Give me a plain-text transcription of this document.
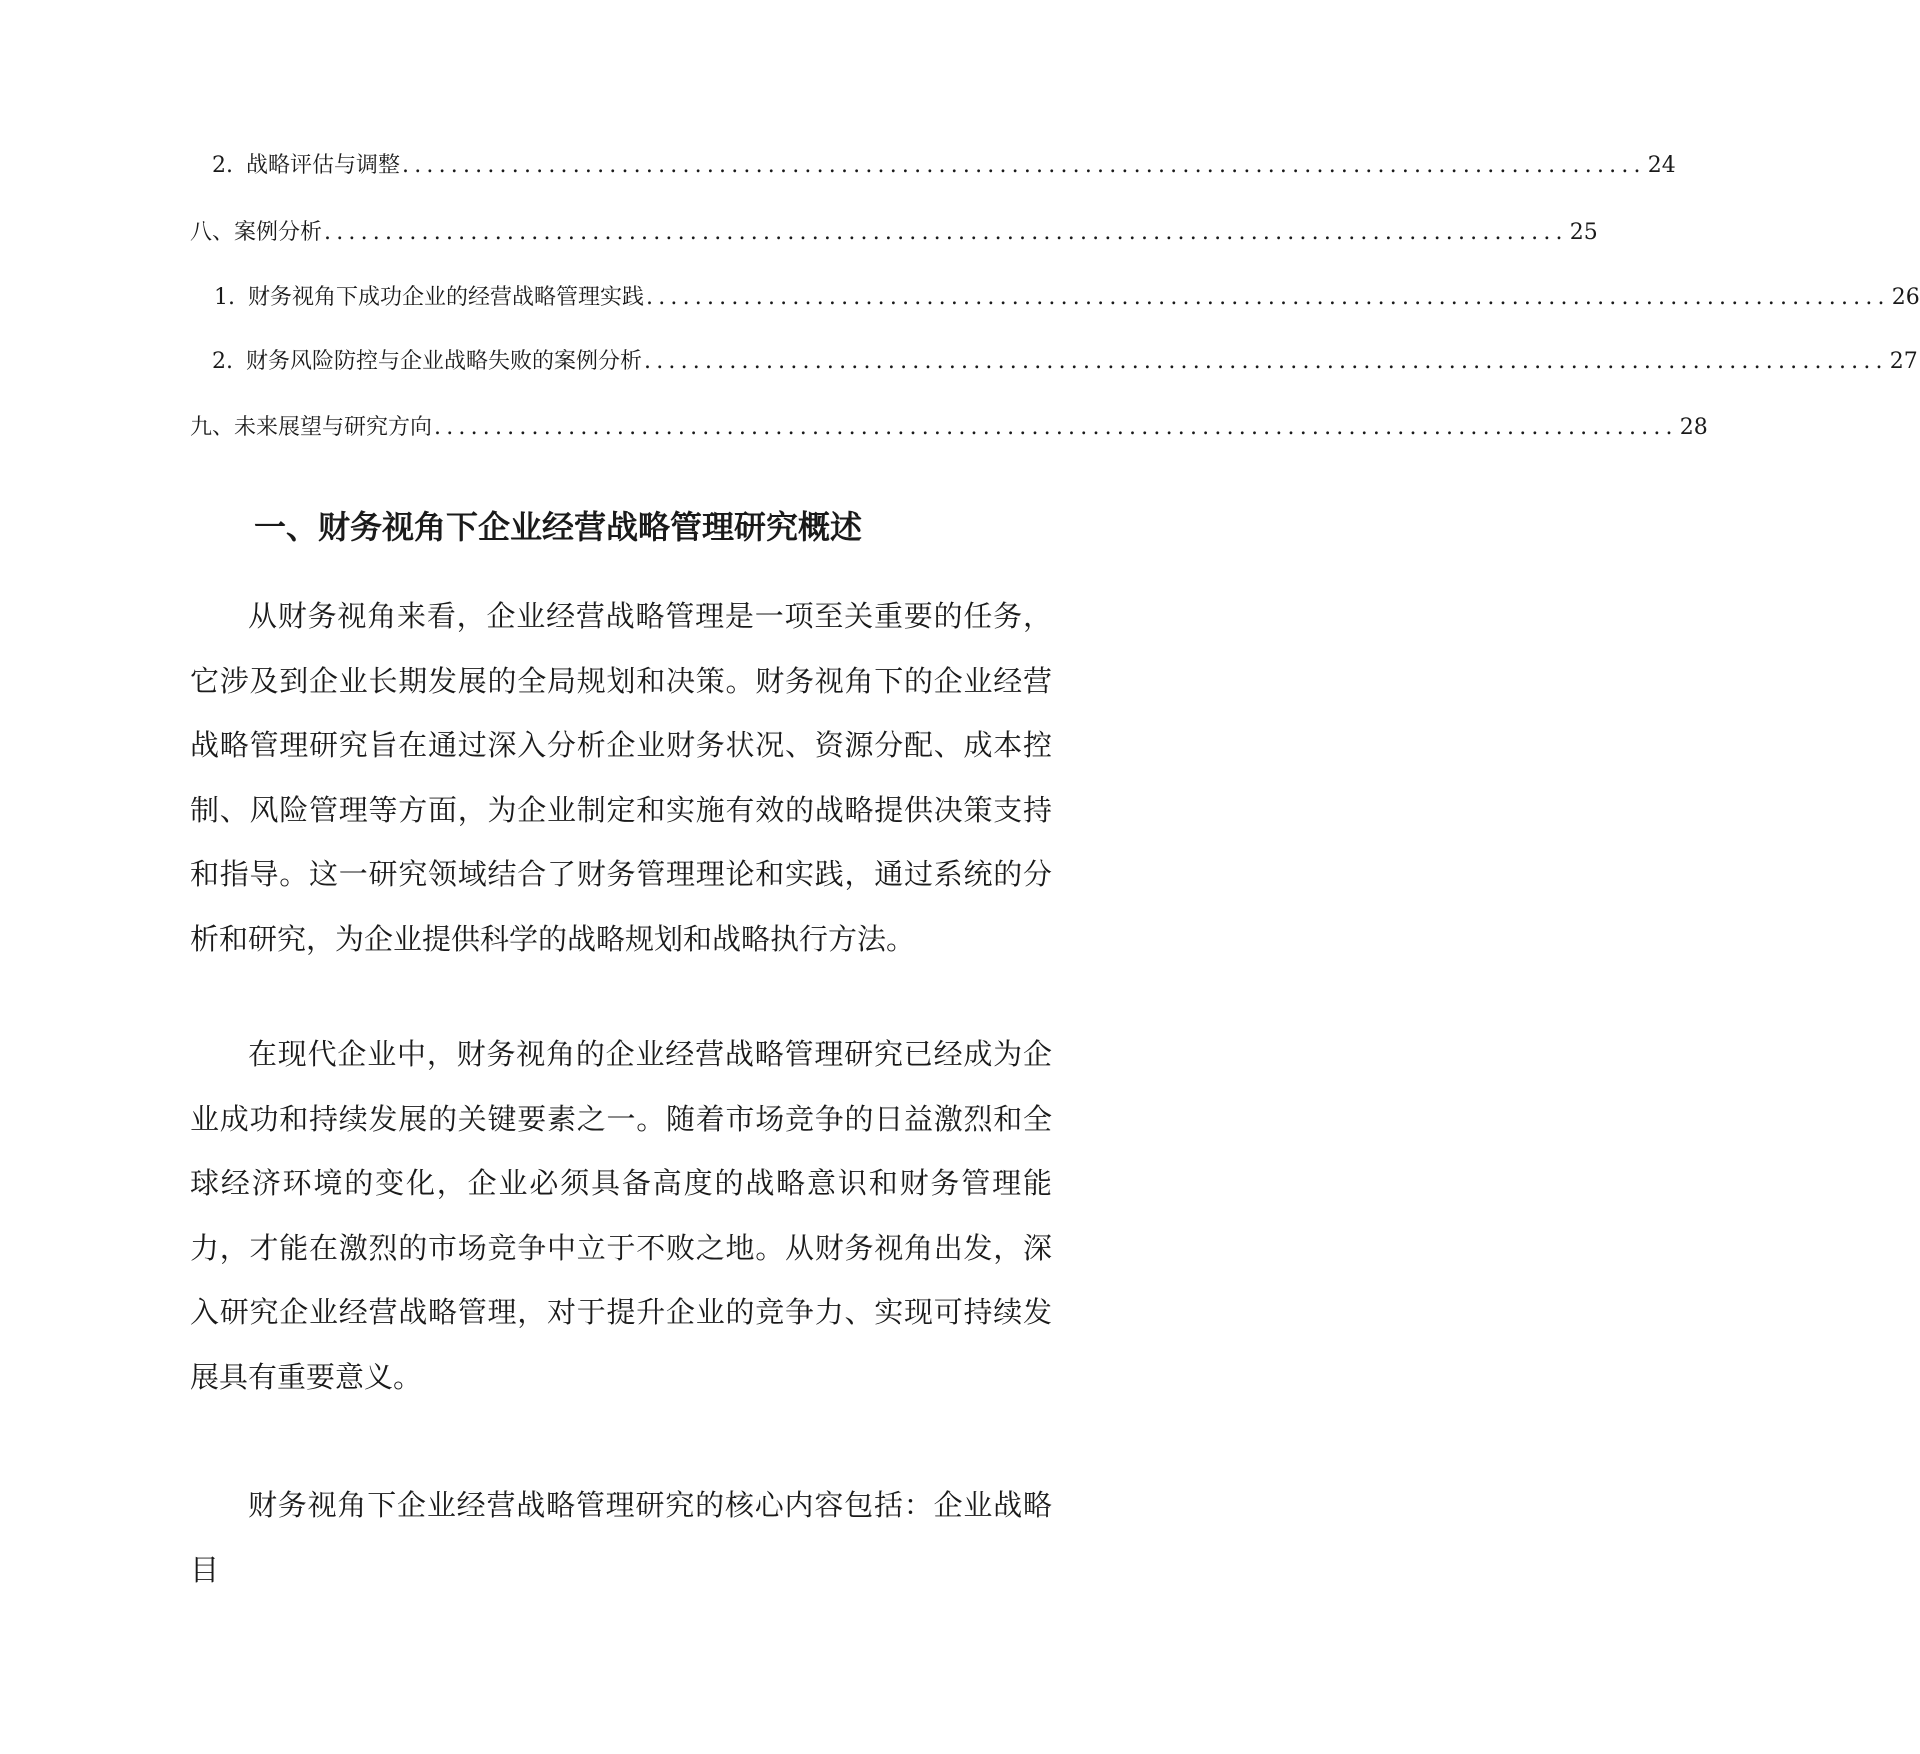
2. 战略评估与调整 ...................................................................................................... 24
八、案例分析 ...................................................................................................... 25
1. 财务视角下成功企业的经营战略管理实践 ...................................................................................................... 26
2. 财务风险防控与企业战略失败的案例分析 ...................................................................................................... 27
九、未来展望与研究方向 ...................................................................................................... 28
一、财务视角下企业经营战略管理研究概述

从财务视角来看，企业经营战略管理是一项至关重要的任务，它涉及到企业长期发展的全局规划和决策。财务视角下的企业经营战略管理研究旨在通过深入分析企业财务状况、资源分配、成本控制、风险管理等方面，为企业制定和实施有效的战略提供决策支持和指导。这一研究领域结合了财务管理理论和实践，通过系统的分析和研究，为企业提供科学的战略规划和战略执行方法。

在现代企业中，财务视角的企业经营战略管理研究已经成为企业成功和持续发展的关键要素之一。随着市场竞争的日益激烈和全球经济环境的变化，企业必须具备高度的战略意识和财务管理能力，才能在激烈的市场竞争中立于不败之地。从财务视角出发，深入研究企业经营战略管理，对于提升企业的竞争力、实现可持续发展具有重要意义。

财务视角下企业经营战略管理研究的核心内容包括：企业战略目
